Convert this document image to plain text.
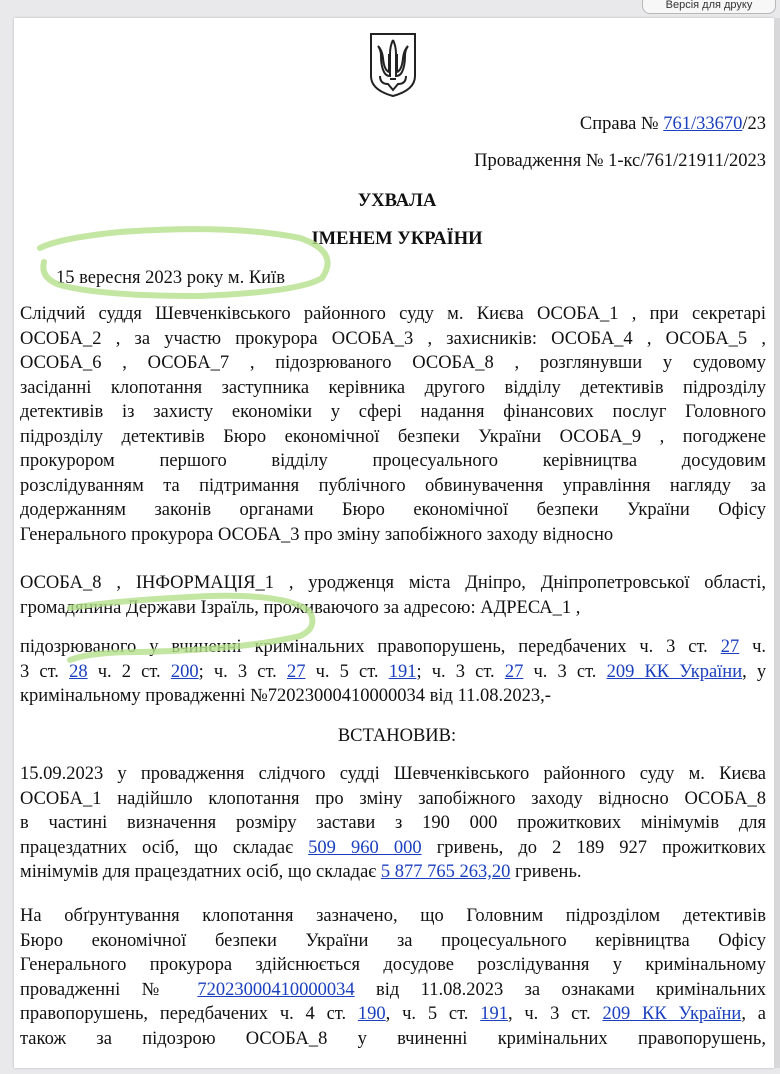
Версія для друку
Справа № 761/33670/23
Провадження № 1-кс/761/21911/2023
УХВАЛА
ІМЕНЕМ УКРАЇНИ
15 вересня 2023 року м. Київ
Слідчий суддя Шевченківського районного суду м. Києва ОСОБА_1 , при секретарі
ОСОБА_2 , за участю прокурора ОСОБА_3 , захисників: ОСОБА_4 , ОСОБА_5 ,
ОСОБА_6 , ОСОБА_7 , підозрюваного ОСОБА_8 , розглянувши у судовому
засіданні клопотання заступника керівника другого відділу детективів підрозділу
детективів із захисту економіки у сфері надання фінансових послуг Головного
підрозділу детективів Бюро економічної безпеки України ОСОБА_9 , погоджене
прокурором першого відділу процесуального керівництва досудовим
розслідуванням та підтримання публічного обвинувачення управління нагляду за
додержанням законів органами Бюро економічної безпеки України Офісу
Генерального прокурора ОСОБА_3 про зміну запобіжного заходу відносно
ОСОБА_8 , ІНФОРМАЦІЯ_1 , уродженця міста Дніпро, Дніпропетровської області,
громадянина Держави Ізраїль, проживаючого за адресою: АДРЕСА_1 ,
підозрюваного у вчиненні кримінальних правопорушень, передбачених ч. 3 ст. 27 ч.
3 ст. 28 ч. 2 ст. 200; ч. 3 ст. 27 ч. 5 ст. 191; ч. 3 ст. 27 ч. 3 ст. 209 КК України, у
кримінальному провадженні №72023000410000034 від 11.08.2023,-
ВСТАНОВИВ:
15.09.2023 у провадження слідчого судді Шевченківського районного суду м. Києва
ОСОБА_1 надійшло клопотання про зміну запобіжного заходу відносно ОСОБА_8
в частині визначення розміру застави з 190 000 прожиткових мінімумів для
працездатних осіб, що складає 509 960 000 гривень, до 2 189 927 прожиткових
мінімумів для працездатних осіб, що складає 5 877 765 263,20 гривень.
На обґрунтування клопотання зазначено, що Головним підрозділом детективів
Бюро економічної безпеки України за процесуального керівництва Офісу
Генерального прокурора здійснюється досудове розслідування у кримінальному
провадженні № 72023000410000034 від 11.08.2023 за ознаками кримінальних
правопорушень, передбачених ч. 4 ст. 190, ч. 5 ст. 191, ч. 3 ст. 209 КК України, а
також за підозрою ОСОБА_8 у вчиненні кримінальних правопорушень,
